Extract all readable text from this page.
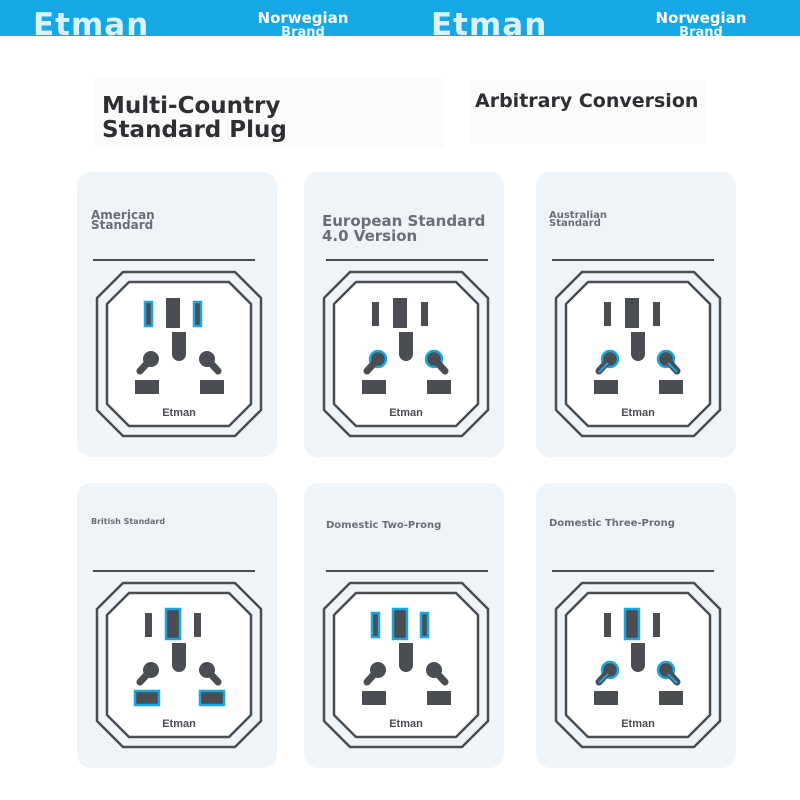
Etman	Norwegian
Brand	Etman	Norwegian
Brand
Multi-Country
Standard Plug
Arbitrary Conversion
American
Standard
Etman
European Standard
4.0 Version
Etman
Australian
Standard
Etman
British Standard
Etman
Domestic Two-Prong
Etman
Domestic Three-Prong
Etman
